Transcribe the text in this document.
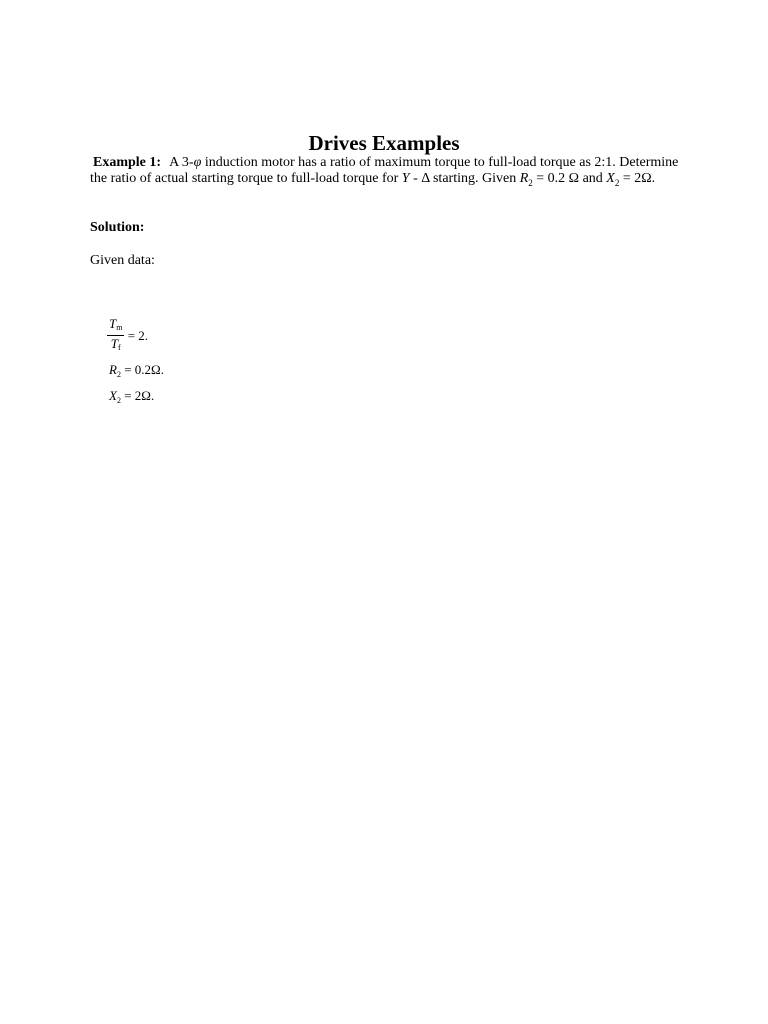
Drives Examples
Example 1: A 3-φ induction motor has a ratio of maximum torque to full-load torque as 2:1. Determine the ratio of actual starting torque to full-load torque for Y - Δ starting. Given $R_2 = 0.2$ Ω and $X_2 = 2\Omega$.
Solution:
Given data:
$\frac{T_m}{T_f} = 2$.
$R_2 = 0.2\Omega$.
$X_2 = 2\Omega$.
